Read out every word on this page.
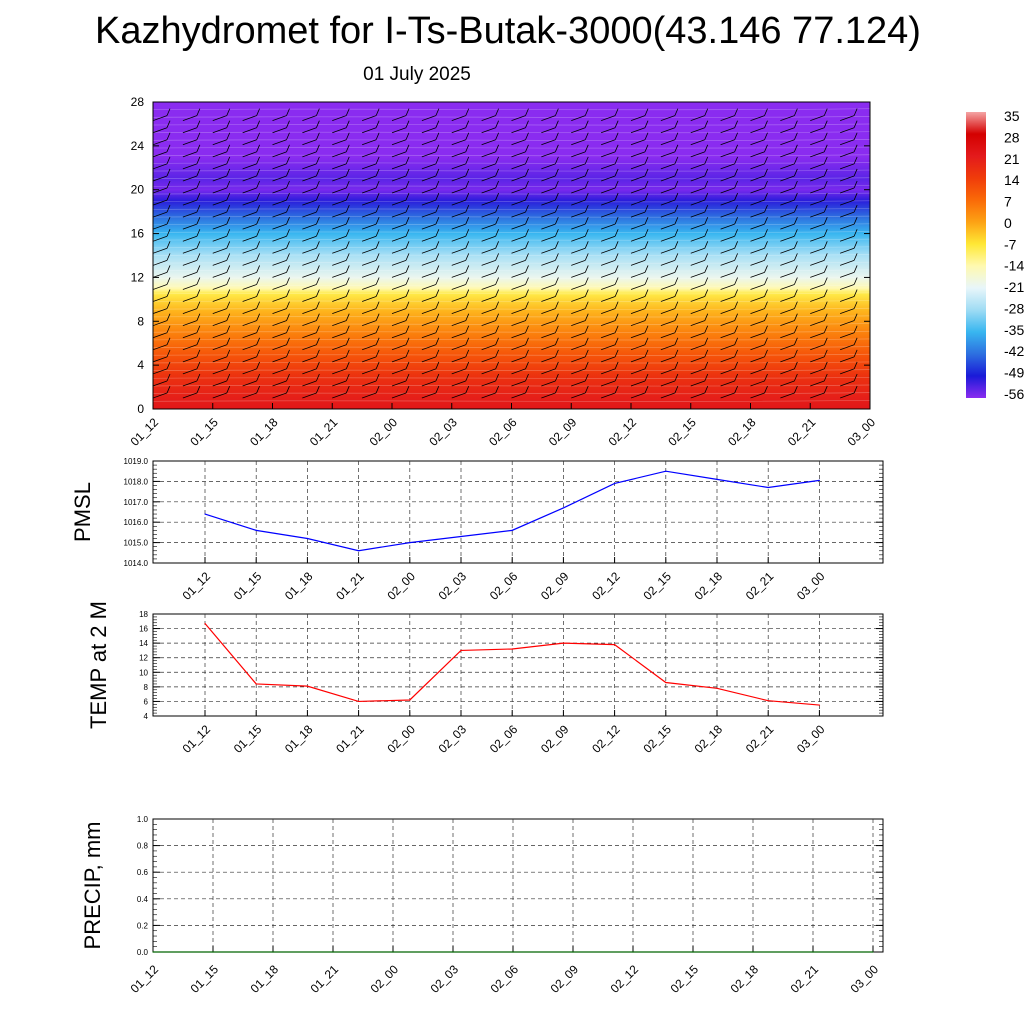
Kazhydromet for I-Ts-Butak-3000(43.146 77.124)
01 July 2025
0
4
8
12
16
20
24
28
01_12 01_15 01_18 01_21 02_00 02_03 02_06 02_09 02_12 02_15 02_18 02_21 03_00
35
28
21
14
7
0
-7
-14
-21
-28
-35
-42
-49
-56
1014.0
1015.0
1016.0
1017.0
1018.0
1019.0
01_12 01_15 01_18 01_21 02_00 02_03 02_06 02_09 02_12 02_15 02_18 02_21 03_00
PMSL
4
6
8
10
12
14
16
18
01_12 01_15 01_18 01_21 02_00 02_03 02_06 02_09 02_12 02_15 02_18 02_21 03_00
TEMP at 2 M
0.0
0.2
0.4
0.6
0.8
1.0
01_12 01_15 01_18 01_21 02_00 02_03 02_06 02_09 02_12 02_15 02_18 02_21 03_00
PRECIP, mm
